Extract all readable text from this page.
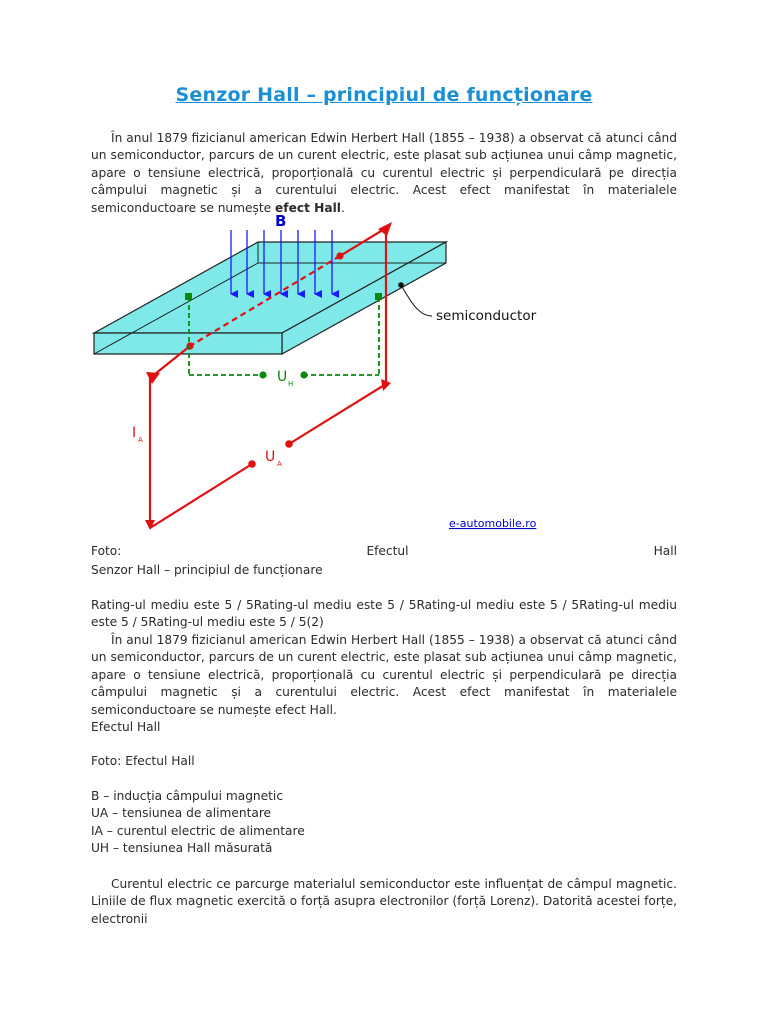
Senzor Hall – principiul de funcționare

În anul 1879 fizicianul american Edwin Herbert Hall (1855 – 1938) a observat că atunci când un semiconductor, parcurs de un curent electric, este plasat sub acțiunea unui câmp magnetic, apare o tensiune electrică, proporțională cu curentul electric și perpendiculară pe direcția câmpului magnetic și a curentului electric. Acest efect manifestat în materialele semiconductoare se numește efect Hall.

B
semiconductor
U H
I A
U A
e-automobile.ro
Foto:	Efectul	Hall

Senzor Hall – principiul de funcționare

Rating-ul mediu este 5 / 5Rating-ul mediu este 5 / 5Rating-ul mediu este 5 / 5Rating-ul mediu este 5 / 5Rating-ul mediu este 5 / 5(2)

În anul 1879 fizicianul american Edwin Herbert Hall (1855 – 1938) a observat că atunci când un semiconductor, parcurs de un curent electric, este plasat sub acțiunea unui câmp magnetic, apare o tensiune electrică, proporțională cu curentul electric și perpendiculară pe direcția câmpului magnetic și a curentului electric. Acest efect manifestat în materialele semiconductoare se numește efect Hall.

Efectul Hall

Foto: Efectul Hall

B – inducția câmpului magnetic

UA – tensiunea de alimentare

IA – curentul electric de alimentare

UH – tensiunea Hall măsurată

Curentul electric ce parcurge materialul semiconductor este influențat de câmpul magnetic. Liniile de flux magnetic exercită o forță asupra electronilor (forță Lorenz). Datorită acestei forțe, electronii
